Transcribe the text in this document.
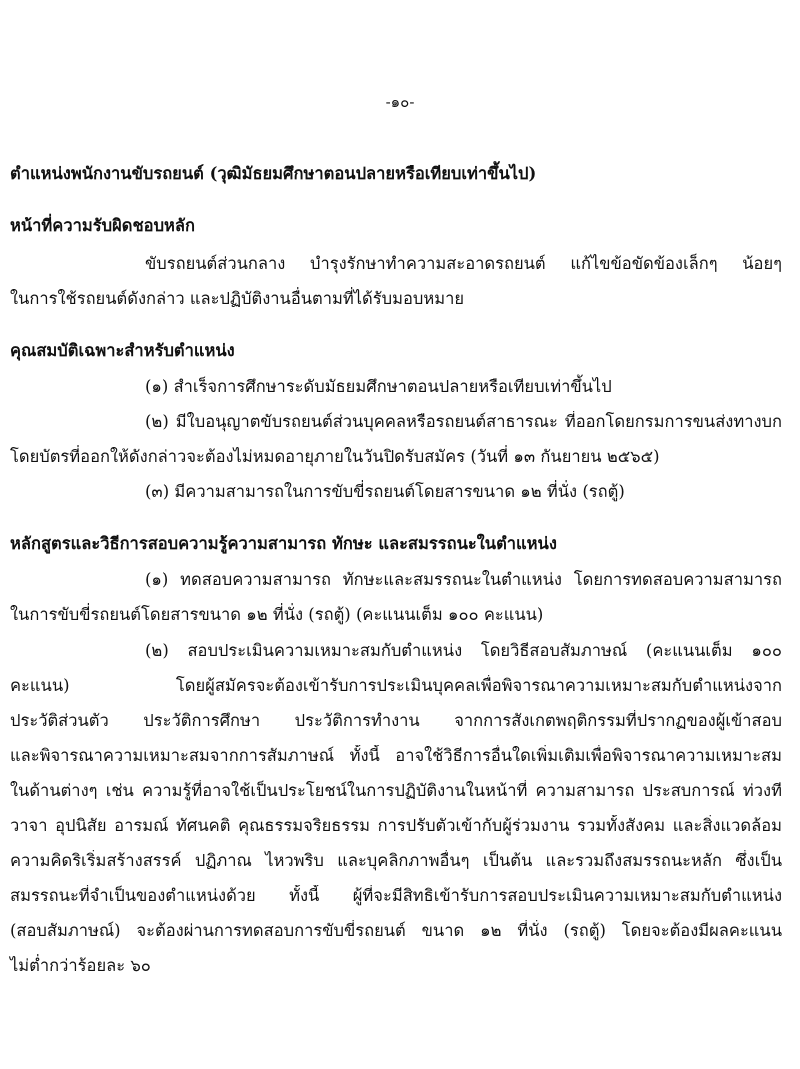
-๑๐-
ตำแหน่งพนักงานขับรถยนต์ (วุฒิมัธยมศึกษาตอนปลายหรือเทียบเท่าขึ้นไป)
หน้าที่ความรับผิดชอบหลัก
ขับรถยนต์ส่วนกลาง บำรุงรักษาทำความสะอาดรถยนต์ แก้ไขข้อขัดข้องเล็กๆ น้อยๆ
ในการใช้รถยนต์ดังกล่าว และปฏิบัติงานอื่นตามที่ได้รับมอบหมาย
คุณสมบัติเฉพาะสำหรับตำแหน่ง
(๑) สำเร็จการศึกษาระดับมัธยมศึกษาตอนปลายหรือเทียบเท่าขึ้นไป
(๒) มีใบอนุญาตขับรถยนต์ส่วนบุคคลหรือรถยนต์สาธารณะ ที่ออกโดยกรมการขนส่งทางบก
โดยบัตรที่ออกให้ดังกล่าวจะต้องไม่หมดอายุภายในวันปิดรับสมัคร (วันที่ ๑๓ กันยายน ๒๕๖๕)
(๓) มีความสามารถในการขับขี่รถยนต์โดยสารขนาด ๑๒ ที่นั่ง (รถตู้)
หลักสูตรและวิธีการสอบความรู้ความสามารถ ทักษะ และสมรรถนะในตำแหน่ง
(๑) ทดสอบความสามารถ ทักษะและสมรรถนะในตำแหน่ง โดยการทดสอบความสามารถ
ในการขับขี่รถยนต์โดยสารขนาด ๑๒ ที่นั่ง (รถตู้) (คะแนนเต็ม ๑๐๐ คะแนน)
(๒) สอบประเมินความเหมาะสมกับตำแหน่ง โดยวิธีสอบสัมภาษณ์ (คะแนนเต็ม ๑๐๐
คะแนน) โดยผู้สมัครจะต้องเข้ารับการประเมินบุคคลเพื่อพิจารณาความเหมาะสมกับตำแหน่งจาก
ประวัติส่วนตัว ประวัติการศึกษา ประวัติการทำงาน จากการสังเกตพฤติกรรมที่ปรากฏของผู้เข้าสอบ
และพิจารณาความเหมาะสมจากการสัมภาษณ์ ทั้งนี้ อาจใช้วิธีการอื่นใดเพิ่มเติมเพื่อพิจารณาความเหมาะสม
ในด้านต่างๆ เช่น ความรู้ที่อาจใช้เป็นประโยชน์ในการปฏิบัติงานในหน้าที่ ความสามารถ ประสบการณ์ ท่วงที
วาจา อุปนิสัย อารมณ์ ทัศนคติ คุณธรรมจริยธรรม การปรับตัวเข้ากับผู้ร่วมงาน รวมทั้งสังคม และสิ่งแวดล้อม
ความคิดริเริ่มสร้างสรรค์ ปฏิภาณ ไหวพริบ และบุคลิกภาพอื่นๆ เป็นต้น และรวมถึงสมรรถนะหลัก ซึ่งเป็น
สมรรถนะที่จำเป็นของตำแหน่งด้วย ทั้งนี้ ผู้ที่จะมีสิทธิเข้ารับการสอบประเมินความเหมาะสมกับตำแหน่ง
(สอบสัมภาษณ์) จะต้องผ่านการทดสอบการขับขี่รถยนต์ ขนาด ๑๒ ที่นั่ง (รถตู้) โดยจะต้องมีผลคะแนน
ไม่ต่ำกว่าร้อยละ ๖๐
